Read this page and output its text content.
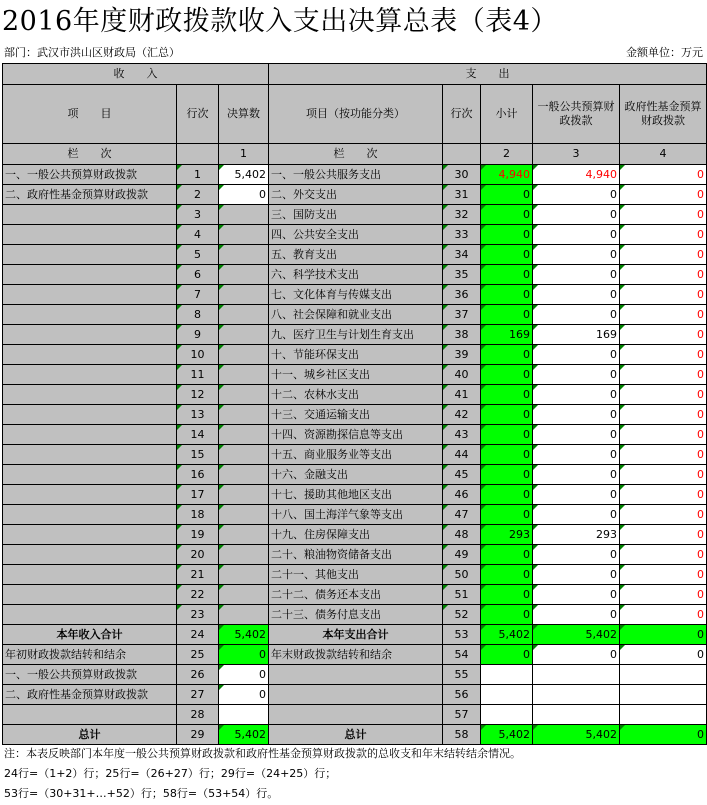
2016年度财政拨款收入支出决算总表（表4）
部门：武汉市洪山区财政局（汇总）	金额单位：万元
收　　入			支　　出				
项　　目	行次	决算数	项目（按功能分类）	行次	小计	一般公共预算财政拨款	政府性基金预算财政拨款
栏　　次		1	栏　　次		2	3	4
一、一般公共预算财政拨款	1	5,402	一、一般公共服务支出	30	4,940	4,940	0
二、政府性基金预算财政拨款	2	0	二、外交支出	31	0	0	0
	3		三、国防支出	32	0	0	0
	4		四、公共安全支出	33	0	0	0
	5		五、教育支出	34	0	0	0
	6		六、科学技术支出	35	0	0	0
	7		七、文化体育与传媒支出	36	0	0	0
	8		八、社会保障和就业支出	37	0	0	0
	9		九、医疗卫生与计划生育支出	38	169	169	0
	10		十、节能环保支出	39	0	0	0
	11		十一、城乡社区支出	40	0	0	0
	12		十二、农林水支出	41	0	0	0
	13		十三、交通运输支出	42	0	0	0
	14		十四、资源勘探信息等支出	43	0	0	0
	15		十五、商业服务业等支出	44	0	0	0
	16		十六、金融支出	45	0	0	0
	17		十七、援助其他地区支出	46	0	0	0
	18		十八、国土海洋气象等支出	47	0	0	0
	19		十九、住房保障支出	48	293	293	0
	20		二十、粮油物资储备支出	49	0	0	0
	21		二十一、其他支出	50	0	0	0
	22		二十二、债务还本支出	51	0	0	0
	23		二十三、债务付息支出	52	0	0	0
本年收入合计	24	5,402	本年支出合计	53	5,402	5,402	0
年初财政拨款结转和结余	25	0	年末财政拨款结转和结余	54	0	0	0
一、一般公共预算财政拨款	26	0		55			
二、政府性基金预算财政拨款	27	0		56			
	28			57			
总计	29	5,402	总计	58	5,402	5,402	0
注：本表反映部门本年度一般公共预算财政拨款和政府性基金预算财政拨款的总收支和年末结转结余情况。
24行=（1+2）行；25行=（26+27）行；29行=（24+25）行；
53行=（30+31+…+52）行；58行=（53+54）行。
